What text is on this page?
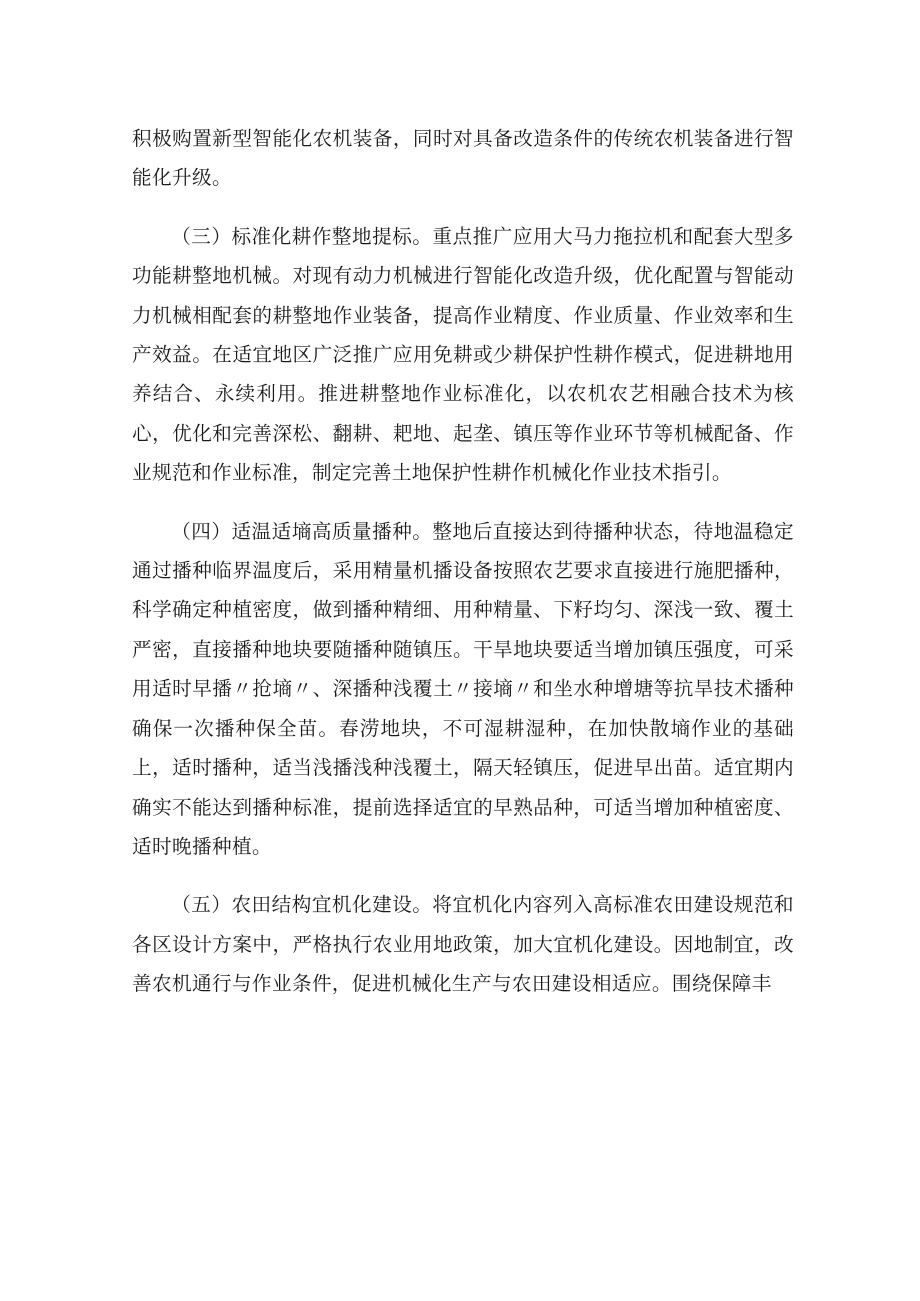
积极购置新型智能化农机装备，同时对具备改造条件的传统农机装备进行智能化升级。

（三）标准化耕作整地提标。重点推广应用大马力拖拉机和配套大型多功能耕整地机械。对现有动力机械进行智能化改造升级，优化配置与智能动力机械相配套的耕整地作业装备，提高作业精度、作业质量、作业效率和生产效益。在适宜地区广泛推广应用免耕或少耕保护性耕作模式，促进耕地用养结合、永续利用。推进耕整地作业标准化，以农机农艺相融合技术为核心，优化和完善深松、翻耕、耙地、起垄、镇压等作业环节等机械配备、作业规范和作业标准，制定完善土地保护性耕作机械化作业技术指引。

（四）适温适墒高质量播种。整地后直接达到待播种状态，待地温稳定通过播种临界温度后，采用精量机播设备按照农艺要求直接进行施肥播种，科学确定种植密度，做到播种精细、用种精量、下籽均匀、深浅一致、覆土严密，直接播种地块要随播种随镇压。干旱地块要适当增加镇压强度，可采用适时早播〃抢墒〃、深播种浅覆土〃接墒〃和坐水种增塘等抗旱技术播种确保一次播种保全苗。春涝地块，不可湿耕湿种，在加快散墒作业的基础上，适时播种，适当浅播浅种浅覆土，隔天轻镇压，促进早出苗。适宜期内确实不能达到播种标准，提前选择适宜的早熟品种，可适当增加种植密度、适时晚播种植。

（五）农田结构宜机化建设。将宜机化内容列入高标准农田建设规范和各区设计方案中，严格执行农业用地政策，加大宜机化建设。因地制宜，改善农机通行与作业条件，促进机械化生产与农田建设相适应。围绕保障丰
